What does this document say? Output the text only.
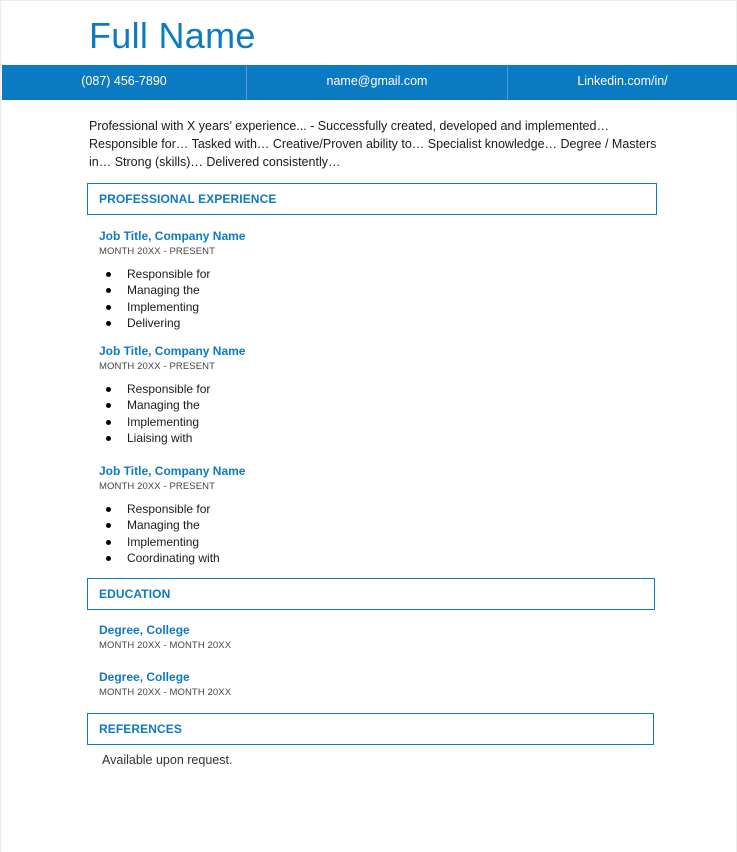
Full Name
(087) 456-7890	name@gmail.com	Linkedin.com/in/
Professional with X years’ experience... - Successfully created, developed and implemented… Responsible for… Tasked with… Creative/Proven ability to… Specialist knowledge… Degree / Masters in… Strong (skills)… Delivered consistently…
PROFESSIONAL EXPERIENCE
Job Title, Company Name
MONTH 20XX - PRESENT
Responsible for
Managing the
Implementing
Delivering
Job Title, Company Name
MONTH 20XX - PRESENT
Responsible for
Managing the
Implementing
Liaising with
Job Title, Company Name
MONTH 20XX - PRESENT
Responsible for
Managing the
Implementing
Coordinating with
EDUCATION
Degree, College
MONTH 20XX - MONTH 20XX
Degree, College
MONTH 20XX - MONTH 20XX
REFERENCES
Available upon request.
